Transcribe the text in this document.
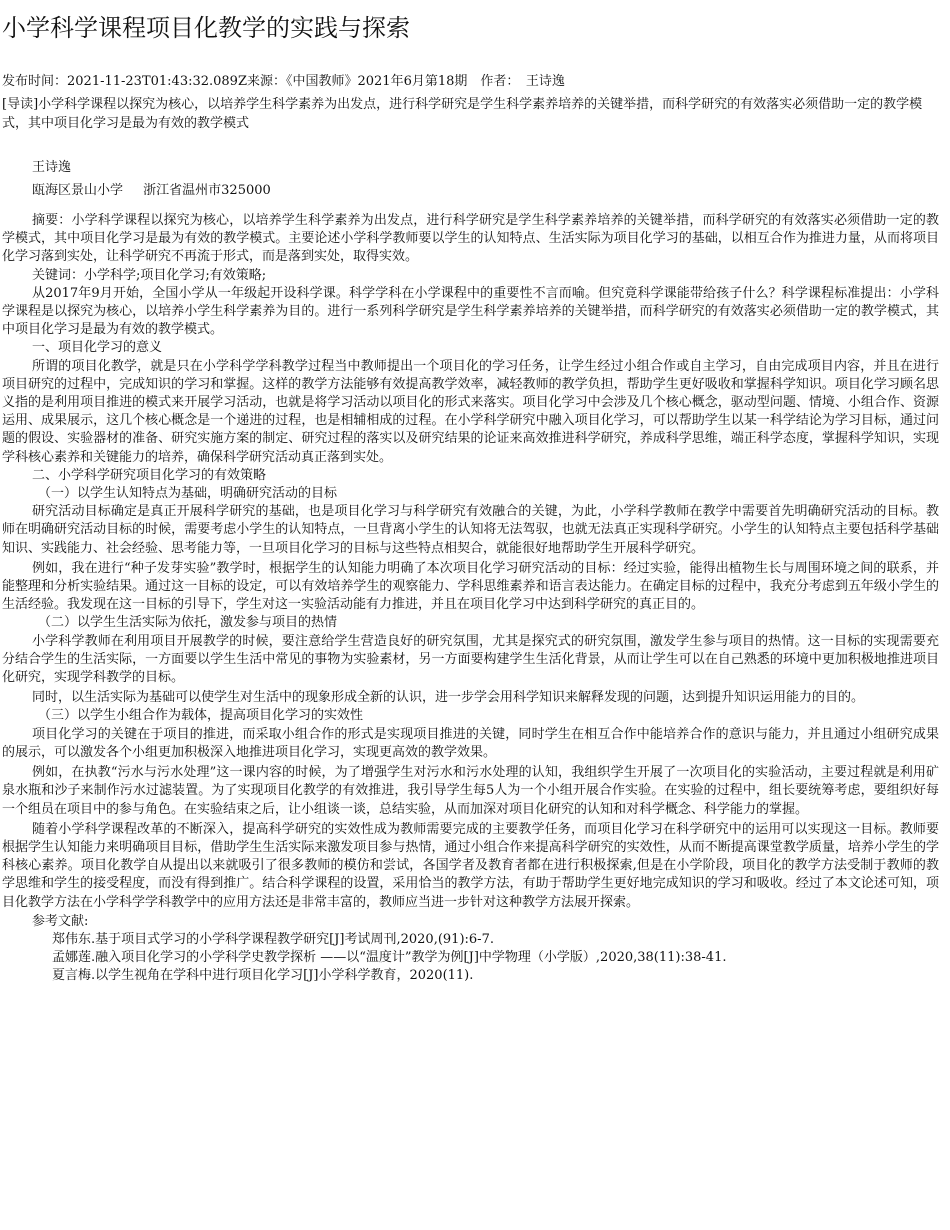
小学科学课程项目化教学的实践与探索
发布时间：2021-11-23T01:43:32.089Z来源：《中国教师》2021年6月第18期　作者：　王诗逸
[导读]小学科学课程以探究为核心，以培养学生科学素养为出发点，进行科学研究是学生科学素养培养的关键举措，而科学研究的有效落实必须借助一定的教学模式，其中项目化学习是最为有效的教学模式
王诗逸
瓯海区景山小学 浙江省温州市325000

摘要：小学科学课程以探究为核心，以培养学生科学素养为出发点，进行科学研究是学生科学素养培养的关键举措，而科学研究的有效落实必须借助一定的教学模式，其中项目化学习是最为有效的教学模式。主要论述小学科学教师要以学生的认知特点、生活实际为项目化学习的基础，以相互合作为推进力量，从而将项目化学习落到实处，让科学研究不再流于形式，而是落到实处，取得实效。

关键词：小学科学;项目化学习;有效策略;

从2017年9月开始，全国小学从一年级起开设科学课。科学学科在小学课程中的重要性不言而喻。但究竟科学课能带给孩子什么？科学课程标准提出：小学科学课程是以探究为核心，以培养小学生科学素养为目的。进行一系列科学研究是学生科学素养培养的关键举措，而科学研究的有效落实必须借助一定的教学模式，其中项目化学习是最为有效的教学模式。

一、项目化学习的意义

所谓的项目化教学，就是只在小学科学学科教学过程当中教师提出一个项目化的学习任务，让学生经过小组合作或自主学习，自由完成项目内容，并且在进行项目研究的过程中，完成知识的学习和掌握。这样的教学方法能够有效提高教学效率，减轻教师的教学负担，帮助学生更好吸收和掌握科学知识。项目化学习顾名思义指的是利用项目推进的模式来开展学习活动，也就是将学习活动以项目化的形式来落实。项目化学习中会涉及几个核心概念，驱动型问题、情境、小组合作、资源运用、成果展示，这几个核心概念是一个递进的过程，也是相辅相成的过程。在小学科学研究中融入项目化学习，可以帮助学生以某一科学结论为学习目标，通过问题的假设、实验器材的准备、研究实施方案的制定、研究过程的落实以及研究结果的论证来高效推进科学研究，养成科学思维，端正科学态度，掌握科学知识，实现学科核心素养和关键能力的培养，确保科学研究活动真正落到实处。

二、小学科学研究项目化学习的有效策略

（一）以学生认知特点为基础，明确研究活动的目标

研究活动目标确定是真正开展科学研究的基础，也是项目化学习与科学研究有效融合的关键，为此，小学科学教师在教学中需要首先明确研究活动的目标。教师在明确研究活动目标的时候，需要考虑小学生的认知特点，一旦背离小学生的认知将无法驾驭，也就无法真正实现科学研究。小学生的认知特点主要包括科学基础知识、实践能力、社会经验、思考能力等，一旦项目化学习的目标与这些特点相契合，就能很好地帮助学生开展科学研究。

例如，我在进行“种子发芽实验”教学时，根据学生的认知能力明确了本次项目化学习研究活动的目标：经过实验，能得出植物生长与周围环境之间的联系，并能整理和分析实验结果。通过这一目标的设定，可以有效培养学生的观察能力、学科思维素养和语言表达能力。在确定目标的过程中，我充分考虑到五年级小学生的生活经验。我发现在这一目标的引导下，学生对这一实验活动能有力推进，并且在项目化学习中达到科学研究的真正目的。

（二）以学生生活实际为依托，激发参与项目的热情

小学科学教师在利用项目开展教学的时候，要注意给学生营造良好的研究氛围，尤其是探究式的研究氛围，激发学生参与项目的热情。这一目标的实现需要充分结合学生的生活实际，一方面要以学生生活中常见的事物为实验素材，另一方面要构建学生生活化背景，从而让学生可以在自己熟悉的环境中更加积极地推进项目化研究，实现学科教学的目标。

同时，以生活实际为基础可以使学生对生活中的现象形成全新的认识，进一步学会用科学知识来解释发现的问题，达到提升知识运用能力的目的。

（三）以学生小组合作为载体，提高项目化学习的实效性

项目化学习的关键在于项目的推进，而采取小组合作的形式是实现项目推进的关键，同时学生在相互合作中能培养合作的意识与能力，并且通过小组研究成果的展示，可以激发各个小组更加积极深入地推进项目化学习，实现更高效的教学效果。

例如，在执教“污水与污水处理”这一课内容的时候，为了增强学生对污水和污水处理的认知，我组织学生开展了一次项目化的实验活动，主要过程就是利用矿泉水瓶和沙子来制作污水过滤装置。为了实现项目化教学的有效推进，我引导学生每5人为一个小组开展合作实验。在实验的过程中，组长要统筹考虑，要组织好每一个组员在项目中的参与角色。在实验结束之后，让小组谈一谈，总结实验，从而加深对项目化研究的认知和对科学概念、科学能力的掌握。

随着小学科学课程改革的不断深入，提高科学研究的实效性成为教师需要完成的主要教学任务，而项目化学习在科学研究中的运用可以实现这一目标。教师要根据学生认知能力来明确项目目标，借助学生生活实际来激发项目参与热情，通过小组合作来提高科学研究的实效性，从而不断提高课堂教学质量，培养小学生的学科核心素养。项目化教学自从提出以来就吸引了很多教师的模仿和尝试，各国学者及教育者都在进行积极探索,但是在小学阶段，项目化的教学方法受制于教师的教学思维和学生的接受程度，而没有得到推广。结合科学课程的设置，采用恰当的教学方法，有助于帮助学生更好地完成知识的学习和吸收。经过了本文论述可知，项目化教学方法在小学科学学科教学中的应用方法还是非常丰富的，教师应当进一步针对这种教学方法展开探索。

参考文献:

郑伟东.基于项目式学习的小学科学课程教学研究[J]考试周刊,2020,(91):6-7.

孟娜莲.融入项目化学习的小学科学史教学探析 ——以“温度计”教学为例[J]中学物理（小学版）,2020,38(11):38-41.

夏言梅.以学生视角在学科中进行项目化学习[J]小学科学教育，2020(11).
